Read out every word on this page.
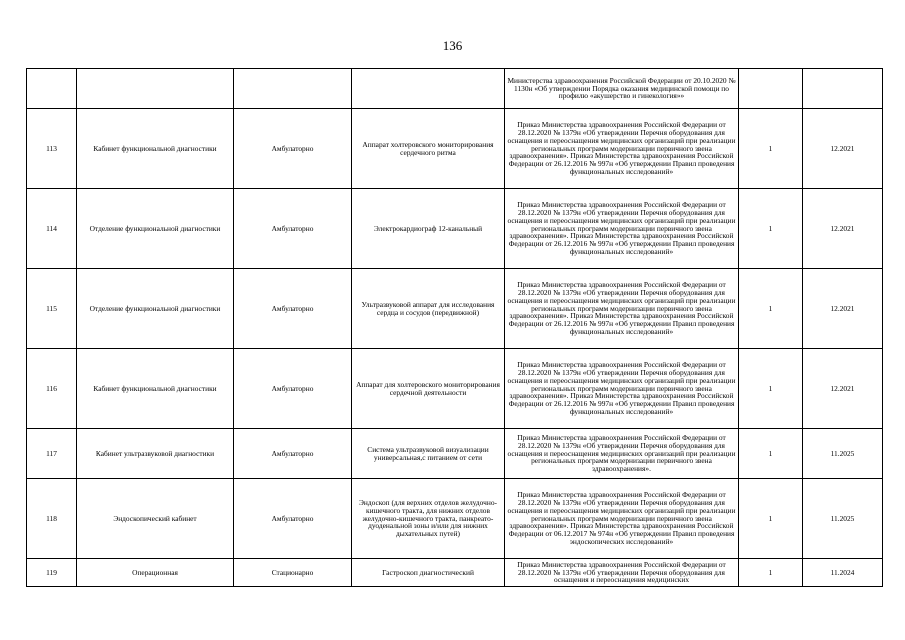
136
				Министерства здравоохранения Российской Федерации от 20.10.2020 № 1130н «Об утверждении Порядка оказания медицинской помощи по профилю «акушерство и гинекология»»		
113	Кабинет функциональной диагностики	Амбулаторно	Аппарат холтеровского мониторирования сердечного ритма	Приказ Министерства здравоохранения Российской Федерации от 28.12.2020 № 1379н «Об утверждении Перечня оборудования для оснащения и переоснащения медицинских организаций при реализации региональных программ модернизации первичного звена здравоохранения». Приказ Министерства здравоохранения Российской Федерации от 26.12.2016 № 997н «Об утверждении Правил проведения функциональных исследований»	1	12.2021
114	Отделение функциональной диагностики	Амбулаторно	Электрокардиограф 12-канальный	Приказ Министерства здравоохранения Российской Федерации от 28.12.2020 № 1379н «Об утверждении Перечня оборудования для оснащения и переоснащения медицинских организаций при реализации региональных программ модернизации первичного звена здравоохранения». Приказ Министерства здравоохранения Российской Федерации от 26.12.2016 № 997н «Об утверждении Правил проведения функциональных исследований»	1	12.2021
115	Отделение функциональной диагностики	Амбулаторно	Ультразвуковой аппарат для исследования сердца и сосудов (передвижной)	Приказ Министерства здравоохранения Российской Федерации от 28.12.2020 № 1379н «Об утверждении Перечня оборудования для оснащения и переоснащения медицинских организаций при реализации региональных программ модернизации первичного звена здравоохранения». Приказ Министерства здравоохранения Российской Федерации от 26.12.2016 № 997н «Об утверждении Правил проведения функциональных исследований»	1	12.2021
116	Кабинет функциональной диагностики	Амбулаторно	Аппарат для холтеровского мониторирования сердечной деятельности	Приказ Министерства здравоохранения Российской Федерации от 28.12.2020 № 1379н «Об утверждении Перечня оборудования для оснащения и переоснащения медицинских организаций при реализации региональных программ модернизации первичного звена здравоохранения». Приказ Министерства здравоохранения Российской Федерации от 26.12.2016 № 997н «Об утверждении Правил проведения функциональных исследований»	1	12.2021
117	Кабинет ультразвуковой диагностики	Амбулаторно	Система ультразвуковой визуализации универсальная,с питанием от сети	Приказ Министерства здравоохранения Российской Федерации от 28.12.2020 № 1379н «Об утверждении Перечня оборудования для оснащения и переоснащения медицинских организаций при реализации региональных программ модернизации первичного звена здравоохранения».	1	11.2025
118	Эндоскопический кабинет	Амбулаторно	Эндоскоп (для верхних отделов желудочно-кишечного тракта, для нижних отделов желудочно-кишечного тракта, панкреато-дуоденальной зоны и/или для нижних дыхательных путей)	Приказ Министерства здравоохранения Российской Федерации от 28.12.2020 № 1379н «Об утверждении Перечня оборудования для оснащения и переоснащения медицинских организаций при реализации региональных программ модернизации первичного звена здравоохранения». Приказ Министерства здравоохранения Российской Федерации от 06.12.2017 № 974н «Об утверждении Правил проведения эндоскопических исследований»	1	11.2025
119	Операционная	Стационарно	Гастроскоп диагностический	Приказ Министерства здравоохранения Российской Федерации от 28.12.2020 № 1379н «Об утверждении Перечня оборудования для оснащения и переоснащения медицинских	1	11.2024
